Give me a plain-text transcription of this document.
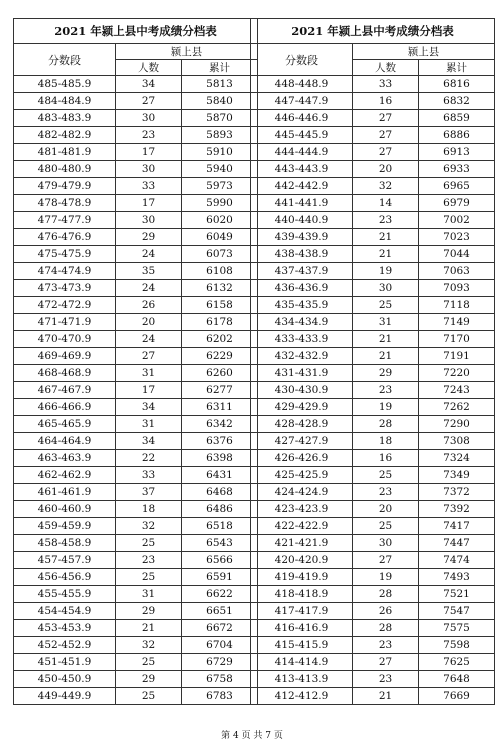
2021 年颍上县中考成绩分档表		
分数段	颍上县	
	人数	累计
485-485.9	34	5813
484-484.9	27	5840
483-483.9	30	5870
482-482.9	23	5893
481-481.9	17	5910
480-480.9	30	5940
479-479.9	33	5973
478-478.9	17	5990
477-477.9	30	6020
476-476.9	29	6049
475-475.9	24	6073
474-474.9	35	6108
473-473.9	24	6132
472-472.9	26	6158
471-471.9	20	6178
470-470.9	24	6202
469-469.9	27	6229
468-468.9	31	6260
467-467.9	17	6277
466-466.9	34	6311
465-465.9	31	6342
464-464.9	34	6376
463-463.9	22	6398
462-462.9	33	6431
461-461.9	37	6468
460-460.9	18	6486
459-459.9	32	6518
458-458.9	25	6543
457-457.9	23	6566
456-456.9	25	6591
455-455.9	31	6622
454-454.9	29	6651
453-453.9	21	6672
452-452.9	32	6704
451-451.9	25	6729
450-450.9	29	6758
449-449.9	25	6783
2021 年颍上县中考成绩分档表		
分数段	颍上县	
	人数	累计
448-448.9	33	6816
447-447.9	16	6832
446-446.9	27	6859
445-445.9	27	6886
444-444.9	27	6913
443-443.9	20	6933
442-442.9	32	6965
441-441.9	14	6979
440-440.9	23	7002
439-439.9	21	7023
438-438.9	21	7044
437-437.9	19	7063
436-436.9	30	7093
435-435.9	25	7118
434-434.9	31	7149
433-433.9	21	7170
432-432.9	21	7191
431-431.9	29	7220
430-430.9	23	7243
429-429.9	19	7262
428-428.9	28	7290
427-427.9	18	7308
426-426.9	16	7324
425-425.9	25	7349
424-424.9	23	7372
423-423.9	20	7392
422-422.9	25	7417
421-421.9	30	7447
420-420.9	27	7474
419-419.9	19	7493
418-418.9	28	7521
417-417.9	26	7547
416-416.9	28	7575
415-415.9	23	7598
414-414.9	27	7625
413-413.9	23	7648
412-412.9	21	7669
第 4 页 共 7 页
